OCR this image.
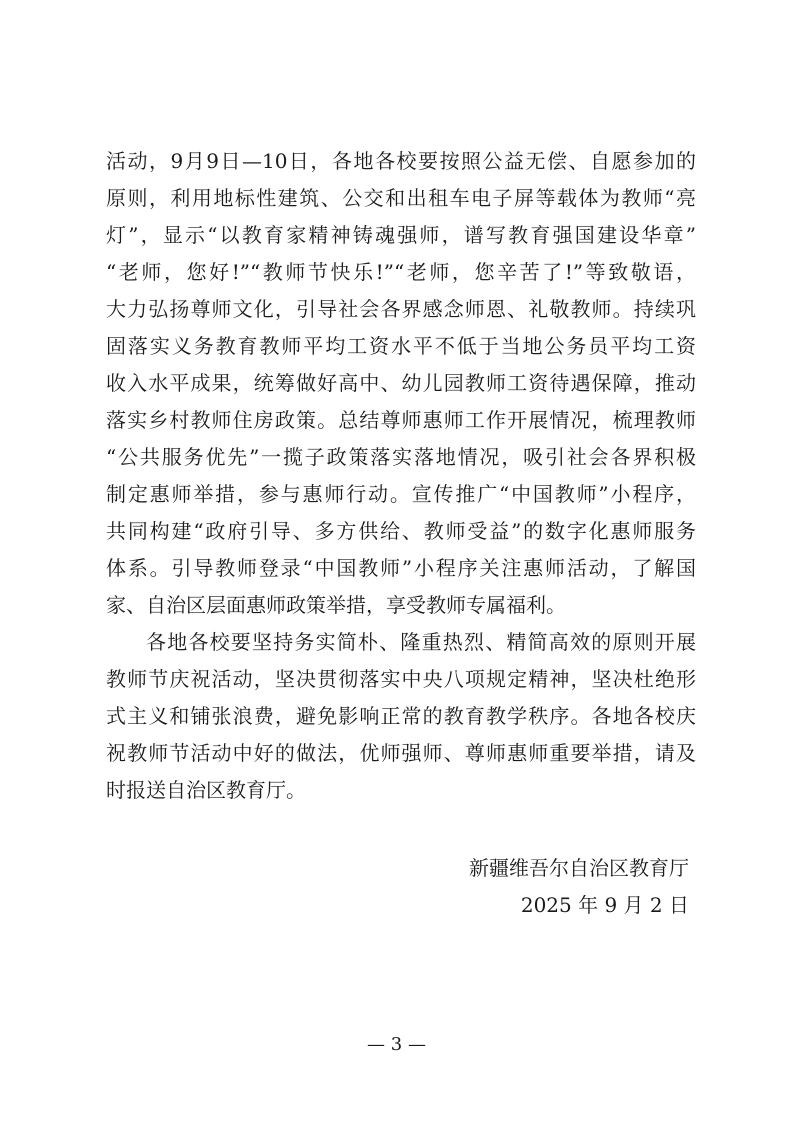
活动，9月9日—10日，各地各校要按照公益无偿、自愿参加的
原则，利用地标性建筑、公交和出租车电子屏等载体为教师“亮
灯”，显示“以教育家精神铸魂强师，谱写教育强国建设华章”
“老师，您好!”“教师节快乐!”“老师，您辛苦了!”等致敬语，
大力弘扬尊师文化，引导社会各界感念师恩、礼敬教师。持续巩
固落实义务教育教师平均工资水平不低于当地公务员平均工资
收入水平成果，统筹做好高中、幼儿园教师工资待遇保障，推动
落实乡村教师住房政策。总结尊师惠师工作开展情况，梳理教师
“公共服务优先”一揽子政策落实落地情况，吸引社会各界积极
制定惠师举措，参与惠师行动。宣传推广“中国教师”小程序，
共同构建“政府引导、多方供给、教师受益”的数字化惠师服务
体系。引导教师登录“中国教师”小程序关注惠师活动，了解国
家、自治区层面惠师政策举措，享受教师专属福利。
各地各校要坚持务实简朴、隆重热烈、精简高效的原则开展
教师节庆祝活动，坚决贯彻落实中央八项规定精神，坚决杜绝形
式主义和铺张浪费，避免影响正常的教育教学秩序。各地各校庆
祝教师节活动中好的做法，优师强师、尊师惠师重要举措，请及
时报送自治区教育厅。
新疆维吾尔自治区教育厅
2025 年 9 月 2 日
— 3 —
